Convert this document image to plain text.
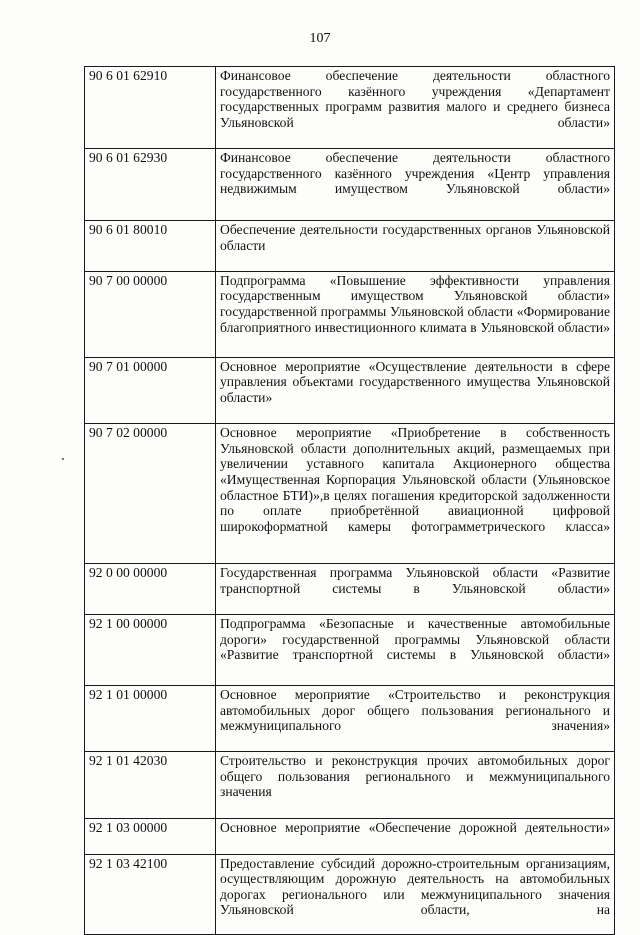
107
90 6 01 62910	Финансовое обеспечение деятельности областного государственного казённого учреждения «Департамент государственных программ развития малого и среднего бизнеса Ульяновской области»

90 6 01 62930	Финансовое обеспечение деятельности областного государственного казённого учреждения «Центр управления недвижимым имуществом Ульяновской области»

90 6 01 80010	Обеспечение деятельности государственных органов Ульяновской области

90 7 00 00000	Подпрограмма «Повышение эффективности управления государственным имуществом Ульяновской области» государственной программы Ульяновской области «Формирование благоприятного инвестиционного климата в Ульяновской области»

90 7 01 00000	Основное мероприятие «Осуществление деятельности в сфере управления объектами государственного имущества Ульяновской области»

90 7 02 00000	Основное мероприятие «Приобретение в собственность Ульяновской области дополнительных акций, размещаемых при увеличении уставного капитала Акционерного общества «Имущественная Корпорация Ульяновской области (Ульяновское областное БТИ)»,в целях погашения кредиторской задолженности по оплате приобретённой авиационной цифровой широкоформатной камеры фотограмметрического класса»

92 0 00 00000	Государственная программа Ульяновской области «Развитие транспортной системы в Ульяновской области»

92 1 00 00000	Подпрограмма «Безопасные и качественные автомобильные дороги» государственной программы Ульяновской области «Развитие транспортной системы в Ульяновской области»

92 1 01 00000	Основное мероприятие «Строительство и реконструкция автомобильных дорог общего пользования регионального и межмуниципального значения»

92 1 01 42030	Строительство и реконструкция прочих автомобильных дорог общего пользования регионального и межмуниципального значения

92 1 03 00000	Основное мероприятие «Обеспечение дорожной деятельности»

92 1 03 42100	Предоставление субсидий дорожно-строительным организациям, осуществляющим дорожную деятельность на автомобильных дорогах регионального или межмуниципального значения Ульяновской области, на
